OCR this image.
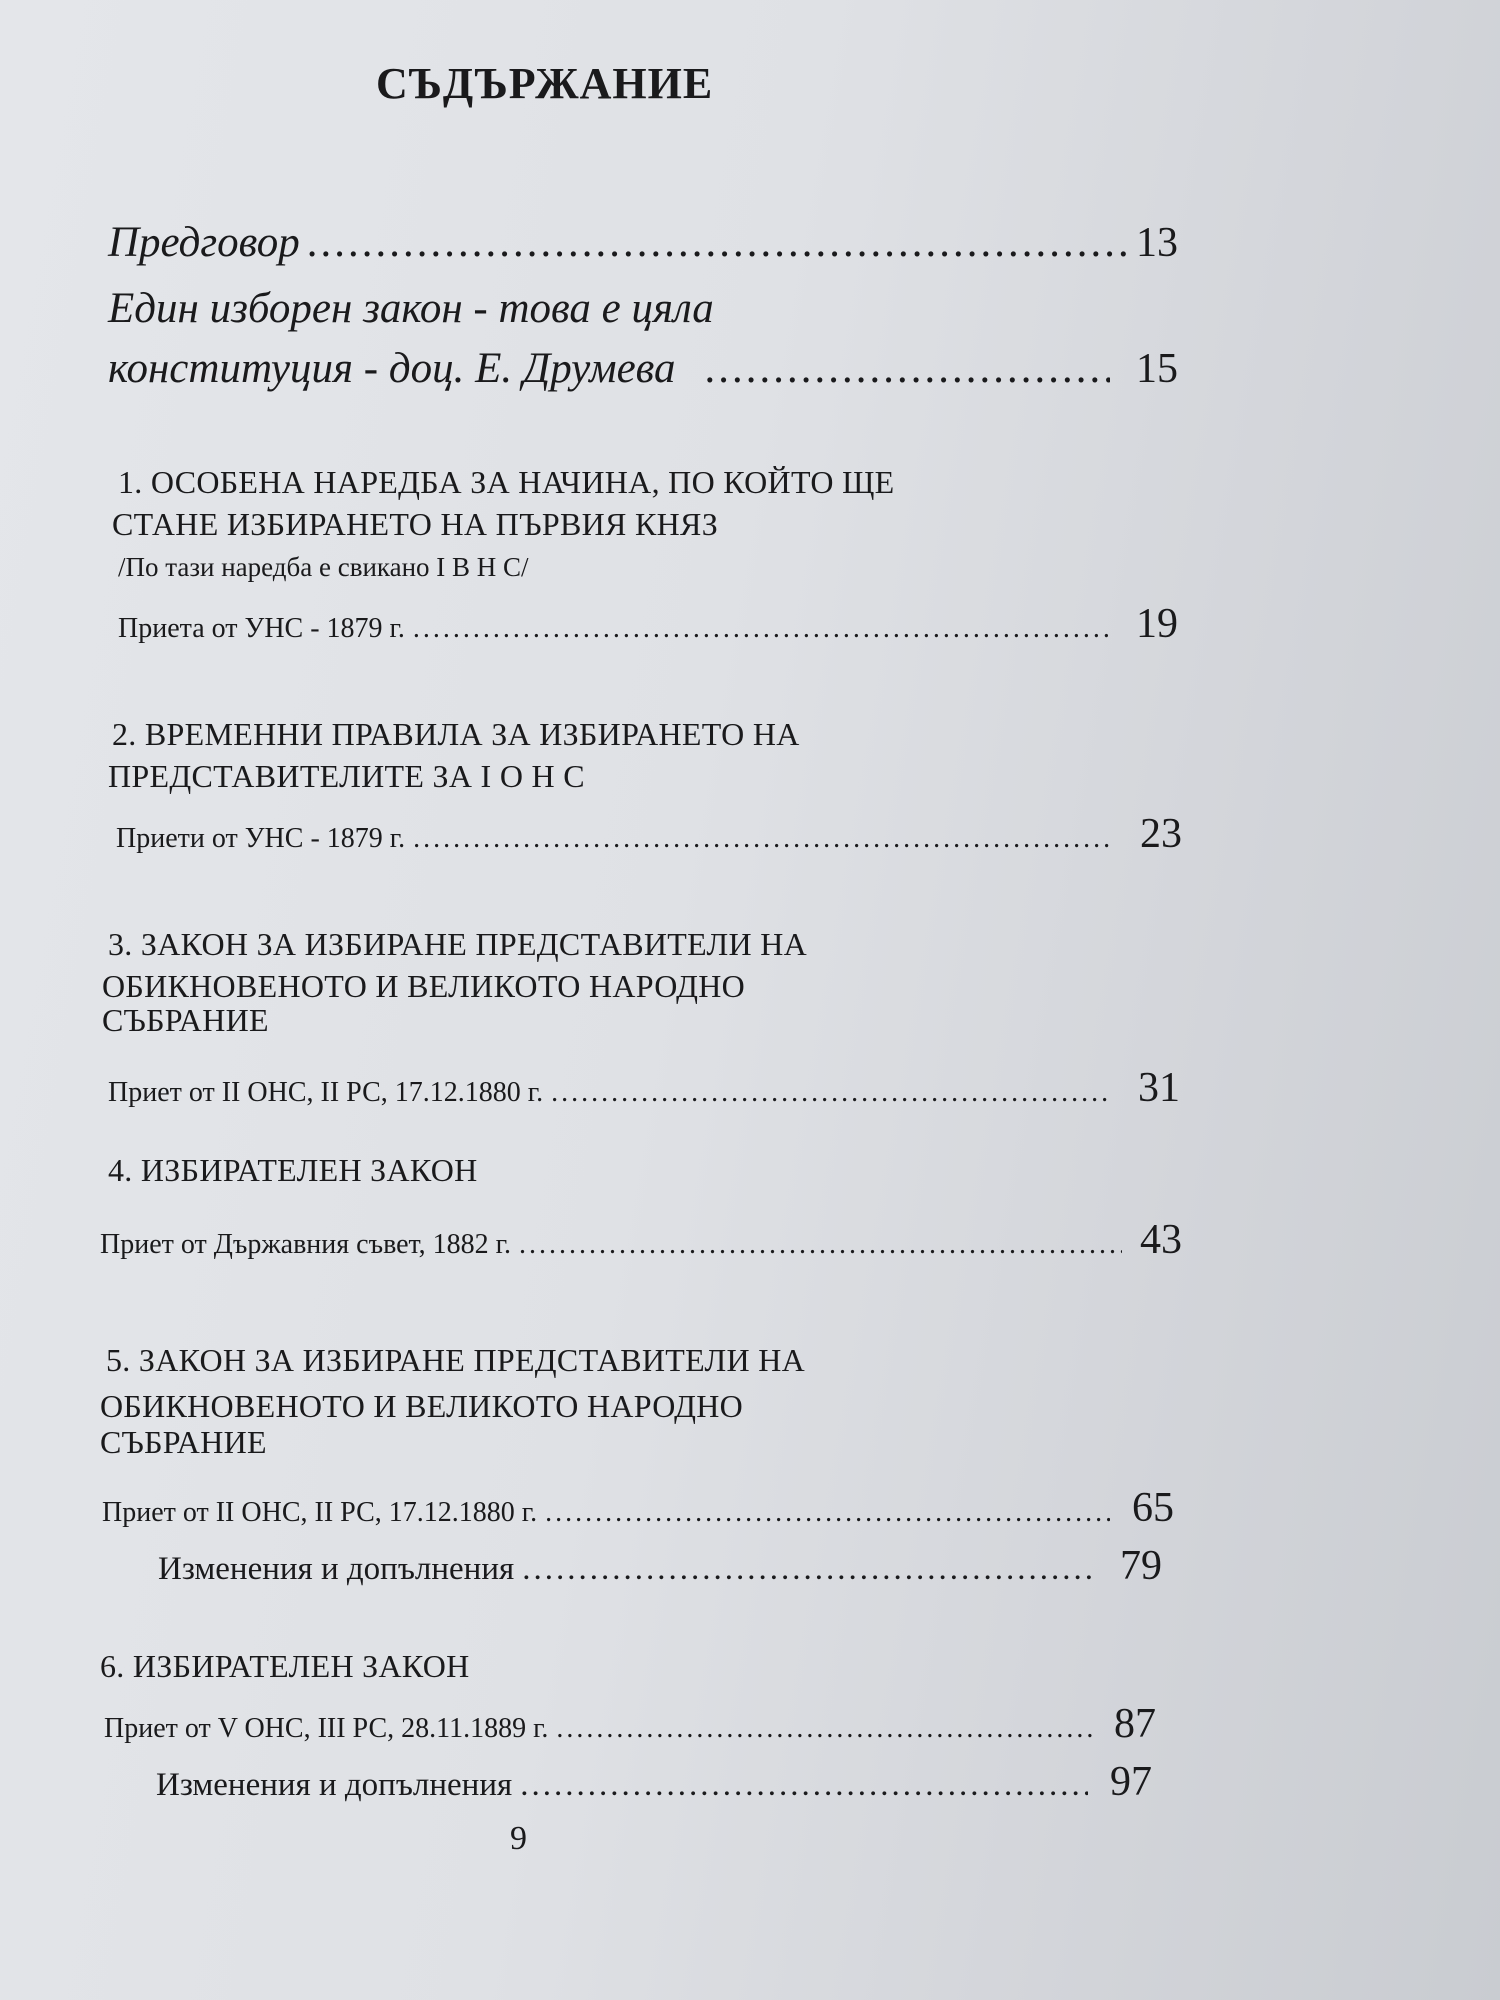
СЪДЪРЖАНИЕ
Предговор .....	13
Един изборен закон - това е цяла
конституция - доц. Е. Друмева .....	15
1. ОСОБЕНА НАРЕДБА ЗА НАЧИНА, ПО КОЙТО ЩЕ
СТАНЕ ИЗБИРАНЕТО НА ПЪРВИЯ КНЯЗ
/По тази наредба е свикано I В Н С/
Приета от УНС - 1879 г. .....	19
2. ВРЕМЕННИ ПРАВИЛА ЗА ИЗБИРАНЕТО НА
ПРЕДСТАВИТЕЛИТЕ ЗА I О Н С
Приети от УНС - 1879 г. .....	23
3. ЗАКОН ЗА ИЗБИРАНЕ ПРЕДСТАВИТЕЛИ НА
ОБИКНОВЕНОТО И ВЕЛИКОТО НАРОДНО
СЪБРАНИЕ
Приет от II ОНС, II РС, 17.12.1880 г. .....	31
4. ИЗБИРАТЕЛЕН ЗАКОН
Приет от Държавния съвет, 1882 г. .....	43
5. ЗАКОН ЗА ИЗБИРАНЕ ПРЕДСТАВИТЕЛИ НА
ОБИКНОВЕНОТО И ВЕЛИКОТО НАРОДНО
СЪБРАНИЕ
Приет от II ОНС, II РС, 17.12.1880 г. .....	65
Изменения и допълнения .....	79
6. ИЗБИРАТЕЛЕН ЗАКОН
Приет от V ОНС, III РС, 28.11.1889 г. .....	87
Изменения и допълнения .....	97
9
